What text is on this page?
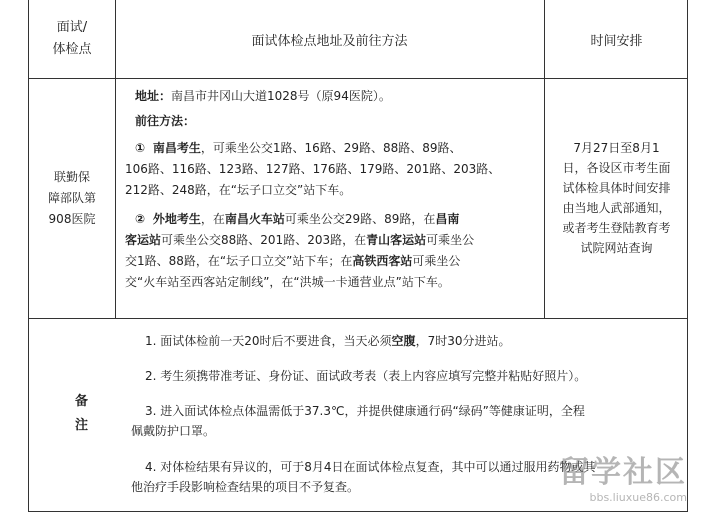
面试/
体检点
面试体检点地址及前往方法	时间安排
联勤保
障部队第
908医院
地址：南昌市井冈山大道1028号（原94医院）。
前往方法：
① 南昌考生，可乘坐公交1路、16路、29路、88路、89路、
106路、116路、123路、127路、176路、179路、201路、203路、
212路、248路，在“坛子口立交”站下车。
② 外地考生，在南昌火车站可乘坐公交29路、89路，在昌南
客运站可乘坐公交88路、201路、203路，在青山客运站可乘坐公
交1路、88路，在“坛子口立交”站下车；在高铁西客站可乘坐公
交“火车站至西客站定制线”，在“洪城一卡通营业点”站下车。
7月27日至8月1
日，各设区市考生面
试体检具体时间安排
由当地人武部通知，
或者考生登陆教育考
试院网站查询
备
注
1. 面试体检前一天20时后不要进食，当天必须空腹，7时30分进站。
2. 考生须携带准考证、身份证、面试政考表（表上内容应填写完整并粘贴好照片）。
3. 进入面试体检点体温需低于37.3℃，并提供健康通行码“绿码”等健康证明，全程
佩戴防护口罩。
4. 对体检结果有异议的，可于8月4日在面试体检点复查，其中可以通过服用药物或其
他治疗手段影响检查结果的项目不予复查。	留学社区
bbs.liuxue86.com
